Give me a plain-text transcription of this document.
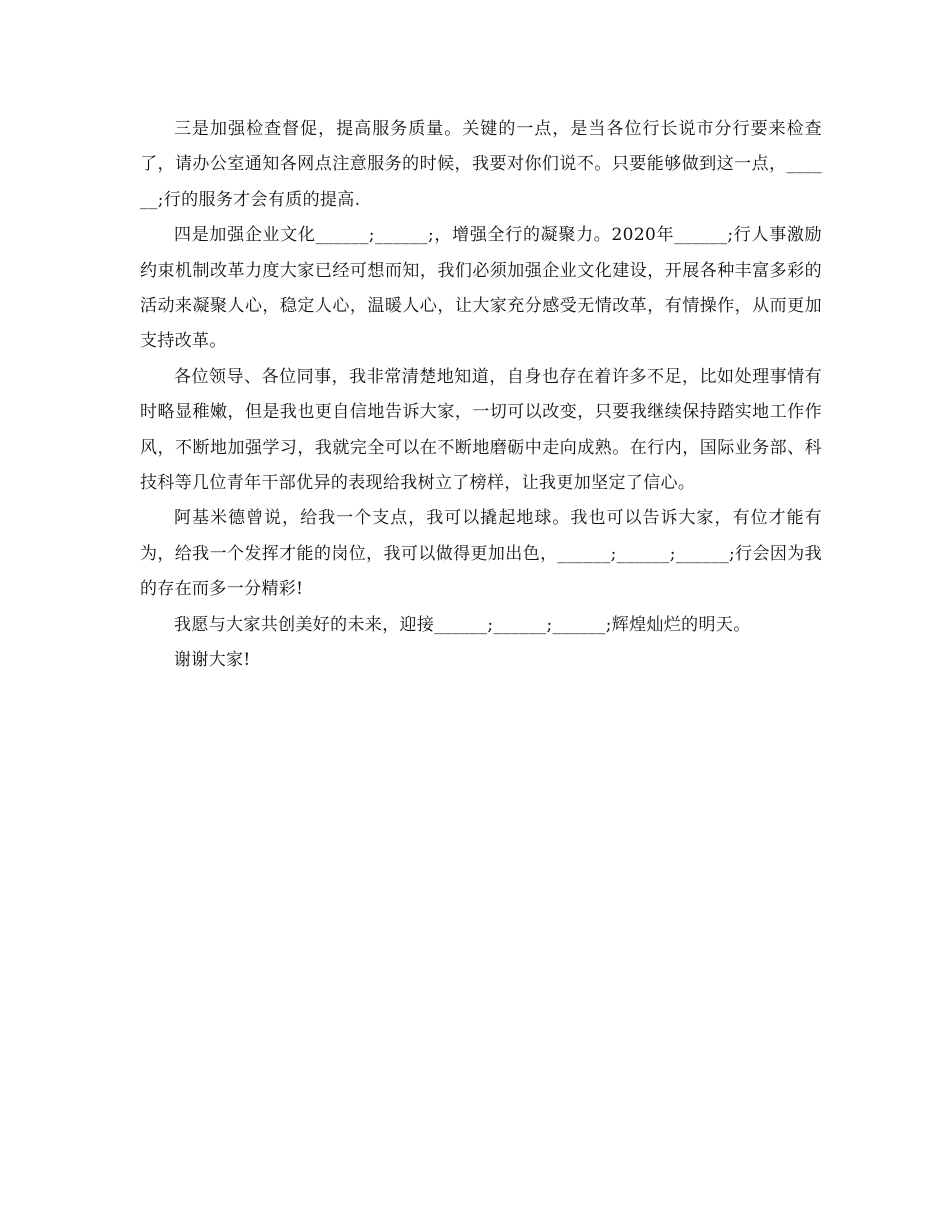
三是加强检查督促，提高服务质量。关键的一点，是当各位行长说市分行要来检查了，请办公室通知各网点注意服务的时候，我要对你们说不。只要能够做到这一点，______;行的服务才会有质的提高.

四是加强企业文化______;______;，增强全行的凝聚力。2020年______;行人事激励约束机制改革力度大家已经可想而知，我们必须加强企业文化建设，开展各种丰富多彩的活动来凝聚人心，稳定人心，温暖人心，让大家充分感受无情改革，有情操作，从而更加支持改革。

各位领导、各位同事，我非常清楚地知道，自身也存在着许多不足，比如处理事情有时略显稚嫩，但是我也更自信地告诉大家，一切可以改变，只要我继续保持踏实地工作作风，不断地加强学习，我就完全可以在不断地磨砺中走向成熟。在行内，国际业务部、科技科等几位青年干部优异的表现给我树立了榜样，让我更加坚定了信心。

阿基米德曾说，给我一个支点，我可以撬起地球。我也可以告诉大家，有位才能有为，给我一个发挥才能的岗位，我可以做得更加出色，______;______;______;行会因为我的存在而多一分精彩!

我愿与大家共创美好的未来，迎接______;______;______;辉煌灿烂的明天。

谢谢大家!
